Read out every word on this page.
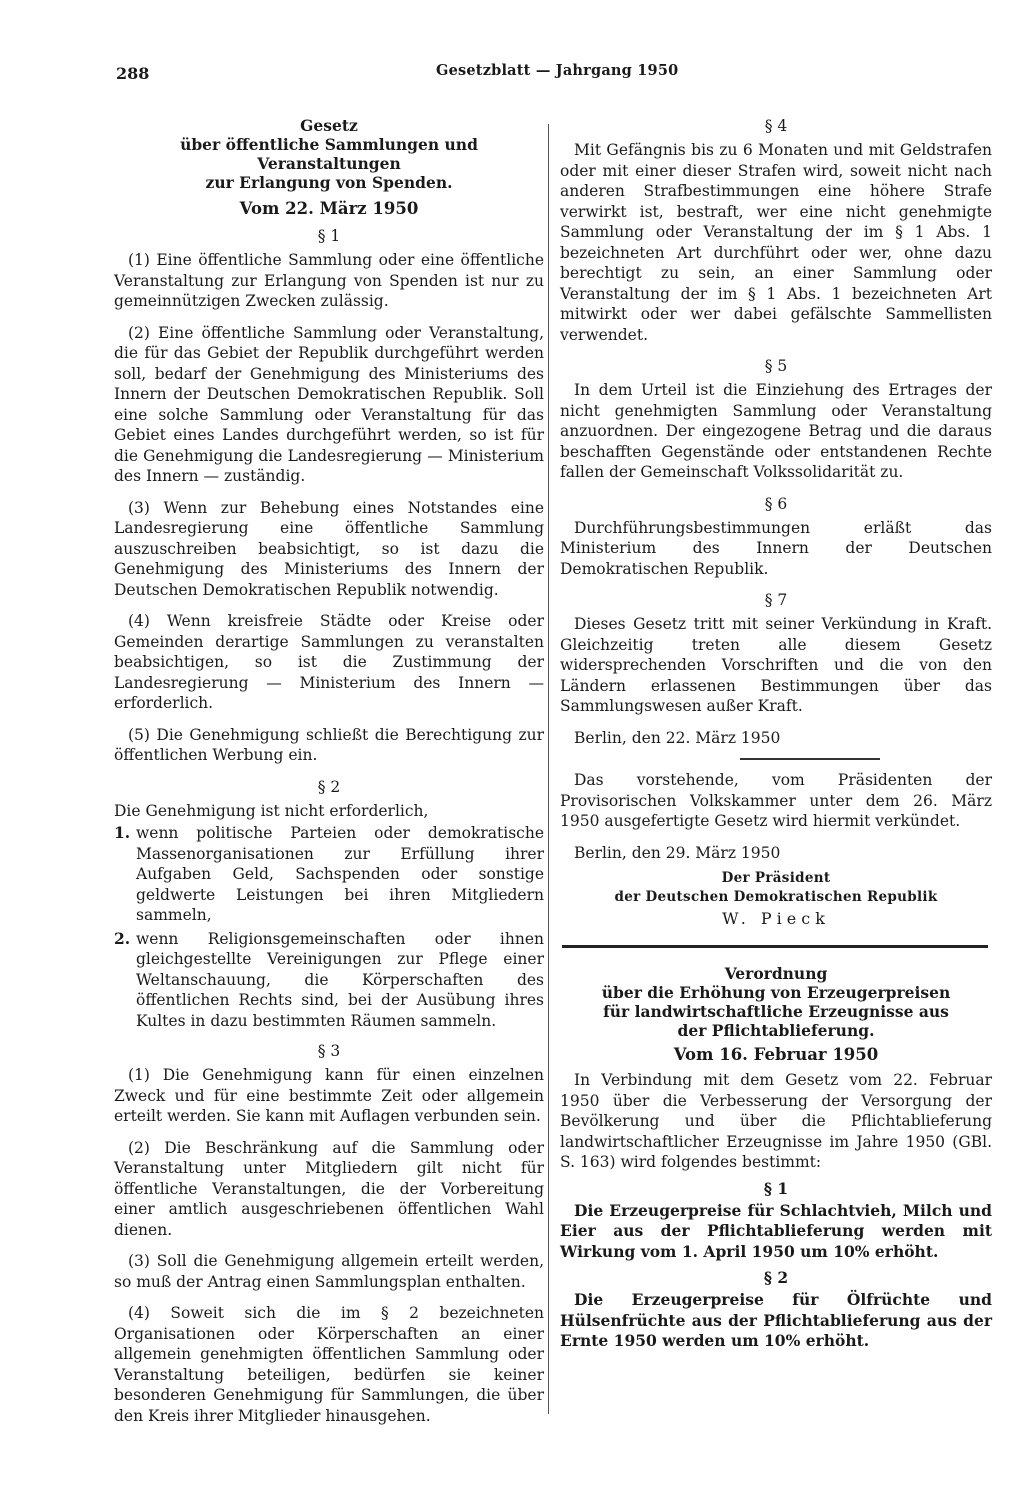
288	Gesetzblatt — Jahrgang 1950

Gesetz

über öffentliche Sammlungen und Veranstaltungen

zur Erlangung von Spenden.

Vom 22. März 1950

§ 1

(1) Eine öffentliche Sammlung oder eine öffentliche Veranstaltung zur Erlangung von Spenden ist nur zu gemeinnützigen Zwecken zulässig.

(2) Eine öffentliche Sammlung oder Veranstaltung, die für das Gebiet der Republik durchgeführt werden soll, bedarf der Genehmigung des Ministeriums des Innern der Deutschen Demokratischen Republik. Soll eine solche Sammlung oder Veranstaltung für das Gebiet eines Landes durchgeführt werden, so ist für die Genehmigung die Landesregierung — Ministerium des Innern — zuständig.

(3) Wenn zur Behebung eines Notstandes eine Landesregierung eine öffentliche Sammlung auszuschreiben beabsichtigt, so ist dazu die Genehmigung des Ministeriums des Innern der Deutschen Demokratischen Republik notwendig.

(4) Wenn kreisfreie Städte oder Kreise oder Gemeinden derartige Sammlungen zu veranstalten beabsichtigen, so ist die Zustimmung der Landesregierung — Ministerium des Innern — erforderlich.

(5) Die Genehmigung schließt die Berechtigung zur öffentlichen Werbung ein.

§ 2

Die Genehmigung ist nicht erforderlich,

1. wenn politische Parteien oder demokratische Massenorganisationen zur Erfüllung ihrer Aufgaben Geld, Sachspenden oder sonstige geldwerte Leistungen bei ihren Mitgliedern sammeln,

2. wenn Religionsgemeinschaften oder ihnen gleichgestellte Vereinigungen zur Pflege einer Weltanschauung, die Körperschaften des öffentlichen Rechts sind, bei der Ausübung ihres Kultes in dazu bestimmten Räumen sammeln.

§ 3

(1) Die Genehmigung kann für einen einzelnen Zweck und für eine bestimmte Zeit oder allgemein erteilt werden. Sie kann mit Auflagen verbunden sein.

(2) Die Beschränkung auf die Sammlung oder Veranstaltung unter Mitgliedern gilt nicht für öffentliche Veranstaltungen, die der Vorbereitung einer amtlich ausgeschriebenen öffentlichen Wahl dienen.

(3) Soll die Genehmigung allgemein erteilt werden, so muß der Antrag einen Sammlungsplan enthalten.

(4) Soweit sich die im § 2 bezeichneten Organisationen oder Körperschaften an einer allgemein genehmigten öffentlichen Sammlung oder Veranstaltung beteiligen, bedürfen sie keiner besonderen Genehmigung für Sammlungen, die über den Kreis ihrer Mitglieder hinausgehen.

§ 4

Mit Gefängnis bis zu 6 Monaten und mit Geldstrafen oder mit einer dieser Strafen wird, soweit nicht nach anderen Strafbestimmungen eine höhere Strafe verwirkt ist, bestraft, wer eine nicht genehmigte Sammlung oder Veranstaltung der im § 1 Abs. 1 bezeichneten Art durchführt oder wer, ohne dazu berechtigt zu sein, an einer Sammlung oder Veranstaltung der im § 1 Abs. 1 bezeichneten Art mitwirkt oder wer dabei gefälschte Sammellisten verwendet.

§ 5

In dem Urteil ist die Einziehung des Ertrages der nicht genehmigten Sammlung oder Veranstaltung anzuordnen. Der eingezogene Betrag und die daraus beschafften Gegenstände oder entstandenen Rechte fallen der Gemeinschaft Volkssolidarität zu.

§ 6

Durchführungsbestimmungen erläßt das Ministerium des Innern der Deutschen Demokratischen Republik.

§ 7

Dieses Gesetz tritt mit seiner Verkündung in Kraft. Gleichzeitig treten alle diesem Gesetz widersprechenden Vorschriften und die von den Ländern erlassenen Bestimmungen über das Sammlungswesen außer Kraft.

Berlin, den 22. März 1950

Das vorstehende, vom Präsidenten der Provisorischen Volkskammer unter dem 26. März 1950 ausgefertigte Gesetz wird hiermit verkündet.

Berlin, den 29. März 1950

Der Präsident

der Deutschen Demokratischen Republik

W. Pieck

Verordnung

über die Erhöhung von Erzeugerpreisen

für landwirtschaftliche Erzeugnisse aus

der Pflichtablieferung.

Vom 16. Februar 1950

In Verbindung mit dem Gesetz vom 22. Februar 1950 über die Verbesserung der Versorgung der Bevölkerung und über die Pflichtablieferung landwirtschaftlicher Erzeugnisse im Jahre 1950 (GBl. S. 163) wird folgendes bestimmt:

§ 1

Die Erzeugerpreise für Schlachtvieh, Milch und Eier aus der Pflichtablieferung werden mit Wirkung vom 1. April 1950 um 10% erhöht.

§ 2

Die Erzeugerpreise für Ölfrüchte und Hülsenfrüchte aus der Pflichtablieferung aus der Ernte 1950 werden um 10% erhöht.
